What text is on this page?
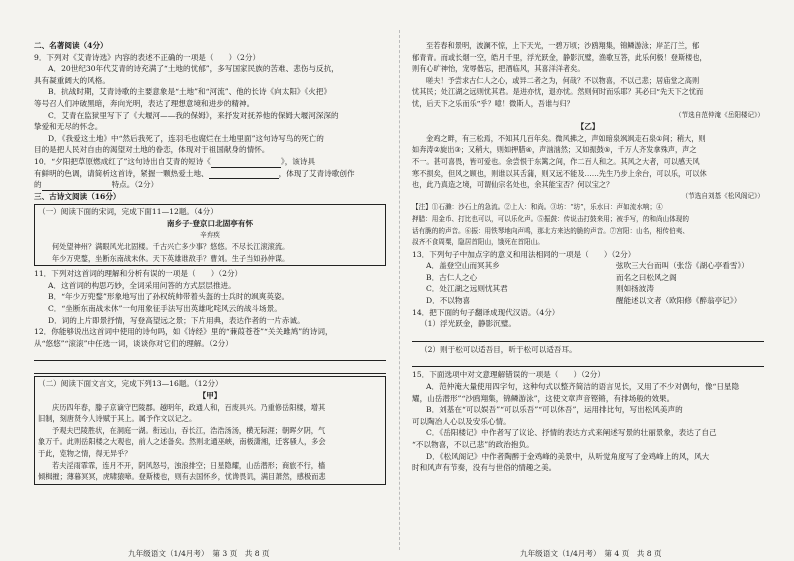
二、名著阅读（4分）
9．下列对《艾青诗选》内容的表述不正确的一项是（　　）（2分）
A．20世纪30年代艾青的诗充满了“土地的忧郁”，多写国家民族的苦难、悲伤与反抗，
具有凝重阔大的风格。
B．抗战时期，艾青诗歌的主要意象是“土地”和“河流”、他的长诗《向太阳》《火把》
等号召人们冲破黑暗，奔向光明，表达了理想意境和进步的精神。
C．艾青在监狱里写下了《大堰河——我的保姆》，来抒发对抚养他的保姆大堰河深深的
挚爱和无尽的怀念。
D．《我爱这土地》中“然后我死了，连羽毛也腐烂在土地里面”这句诗写鸟的死亡的
目的是把人民对自由的渴望对土地的眷恋，体现对于祖国献身的情怀。
10．“夕阳把草原燃成红了”这句诗出自艾青的短诗《	》，该诗具
有鲜明的色调，请简析这首诗，紧握一颗热爱土地、	，体现了艾青诗歌创作
的	特点。（2分）
三、古诗文阅读（16分）
（一）阅读下面的宋词，完成下面11—12题。（4分）
南乡子·登京口北固亭有怀
辛弃疾
何处望神州？满眼风光北固楼。千古兴亡多少事？悠悠。不尽长江滚滚流。
年少万兜鍪，坐断东南战未休。天下英雄谁敌手？曹刘。生子当如孙仲谋。
11．下列对这首词的理解和分析有误的一项是（　　）（2分）
A．这首词的构思巧妙，全词采用问答的方式层层推进。
B．“年少万兜鍪”形象地写出了孙权统帅带着头盔的士兵时的飒爽英姿。
C．“坐断东南战未休”一句用象征手法写出英雄叱咤风云的战斗场景。
D．词的上片即景抒情，写登高望远之景；下片用典，表达作者的一片赤诚。
12．你能够说出这首词中使用的诗句吗，如《诗经》里的“蒹葭苍苍”“关关雎鸠”的诗词，
从“悠悠”“滚滚”中任选一词，谈谈你对它们的理解。（2分）
（二）阅读下面文言文，完成下列13—16题。（12分）
【甲】
庆历四年春，滕子京谪守巴陵郡。越明年，政通人和，百废具兴。乃重修岳阳楼，增其
旧制，刻唐贤今人诗赋于其上。属予作文以记之。
予观夫巴陵胜状，在洞庭一湖。衔远山，吞长江，浩浩汤汤，横无际涯；朝晖夕阴，气
象万千。此则岳阳楼之大观也，前人之述备矣。然则北通巫峡，南极潇湘，迁客骚人，多会
于此，览物之情，得无异乎？
若夫淫雨霏霏，连月不开，阴风怒号，浊浪排空；日星隐耀，山岳潜形；商旅不行，樯
倾楫摧；薄暮冥冥，虎啸猿啼。登斯楼也，则有去国怀乡，忧谗畏讥，满目萧然，感极而悲
九年级语文（1/4月考）　第 3 页　共 8 页
至若春和景明，波澜不惊，上下天光，一碧万顷；沙鸥翔集，锦鳞游泳；岸芷汀兰，郁
郁青青。而或长烟一空，皓月千里，浮光跃金，静影沉璧，渔歌互答，此乐何极！登斯楼也，
则有心旷神怡，宠辱偕忘，把酒临风，其喜洋洋者矣。
嗟夫！予尝求古仁人之心，或异二者之为，何哉？不以物喜，不以己悲；居庙堂之高则
忧其民；处江湖之远则忧其君。是进亦忧，退亦忧。然则何时而乐耶？其必曰“先天下之忧而
忧，后天下之乐而乐”乎？噫！微斯人，吾谁与归？
（节选自范仲淹《岳阳楼记》）
【乙】
金鸡之畔，有三松焉，不知其几百年矣。微风拂之，声如暗泉飒飒走石泉①间；稍大，则
如奔涛②旋出③；又稍大，则如押腊④，声汹汹然；又如振鼓⑤，千万人齐发拿殊声，声之
不一。甚可喜畏，皆可爱也。余尝恨于东篱之间，作二百人和之。其风之大者，可以感天风
寒不损矣，但风之顾也，则谁以其舌蒲，则又远不能及……先生乃步上余台，可以乐，可以休
也，此乃真造之境，可谓仙宗名处也，余其能宝否？何以宝之？
（节选自刘基《松风阁记》）
【注】①石濑：沙石上的急流。②上人：和尚。③坊：“坊”，乐水曰：声如流水响；④
押腊：用金币、打比也可以，可以乐化声。⑤振鼓：传说击打鼓来用；被手写，的和尚山体现的
话有脆的的声音。⑥振：用铁琴地向声鸣，那北方来达的脆的声音。⑦宫阳：山名，相传伯夷、
叔齐不食周粟，隐居首阳山，饿死在首阳山。
13．下列句子中加点字的意义和用法相同的一项是（　　）（2分）
A．盖登空山而冥其乡	弦吹三大台而叫（张岱《湖心亭看雪》）
B．古仁人之心	而名之曰松风之阁
C．处江湖之远则忧其君	则如扬波涛
D．不以物喜	醒能述以文者（欧阳修《醉翁亭记》）
14．把下面的句子翻译成现代汉语。（4分）
（1）浮光跃金，静影沉璧。
（2）则于松可以适吾目，听于松可以适吾耳。
15．下面选项中对文意理解错误的一项是（　　）（2分）
A．范仲淹大量使用四字句，这种句式以整齐简洁的语言见长，又用了不少对偶句，像“日星隐
耀，山岳潜形”“沙鸥翔集，锦鳞游泳”，这使文章声音铿锵，有排场般的效果。
B．刘基在“可以娱吾”“可以乐吾”“可以休吾”，运用排比句，写出松风美声的
可以陶冶人心以及安乐心情。
C．《岳阳楼记》中作者写了议论、抒情的表达方式来阐述写景的壮丽景象，表达了自己
“不以物喜，不以己悲”的政治抱负。
D．《松风阁记》中作者陶醉于金鸡峰的美景中，从听觉角度写了金鸡峰上的风，风大
时和风声有节奏，没有与世俗的情趣之美。
九年级语文（1/4月考）　第 4 页　共 8 页
